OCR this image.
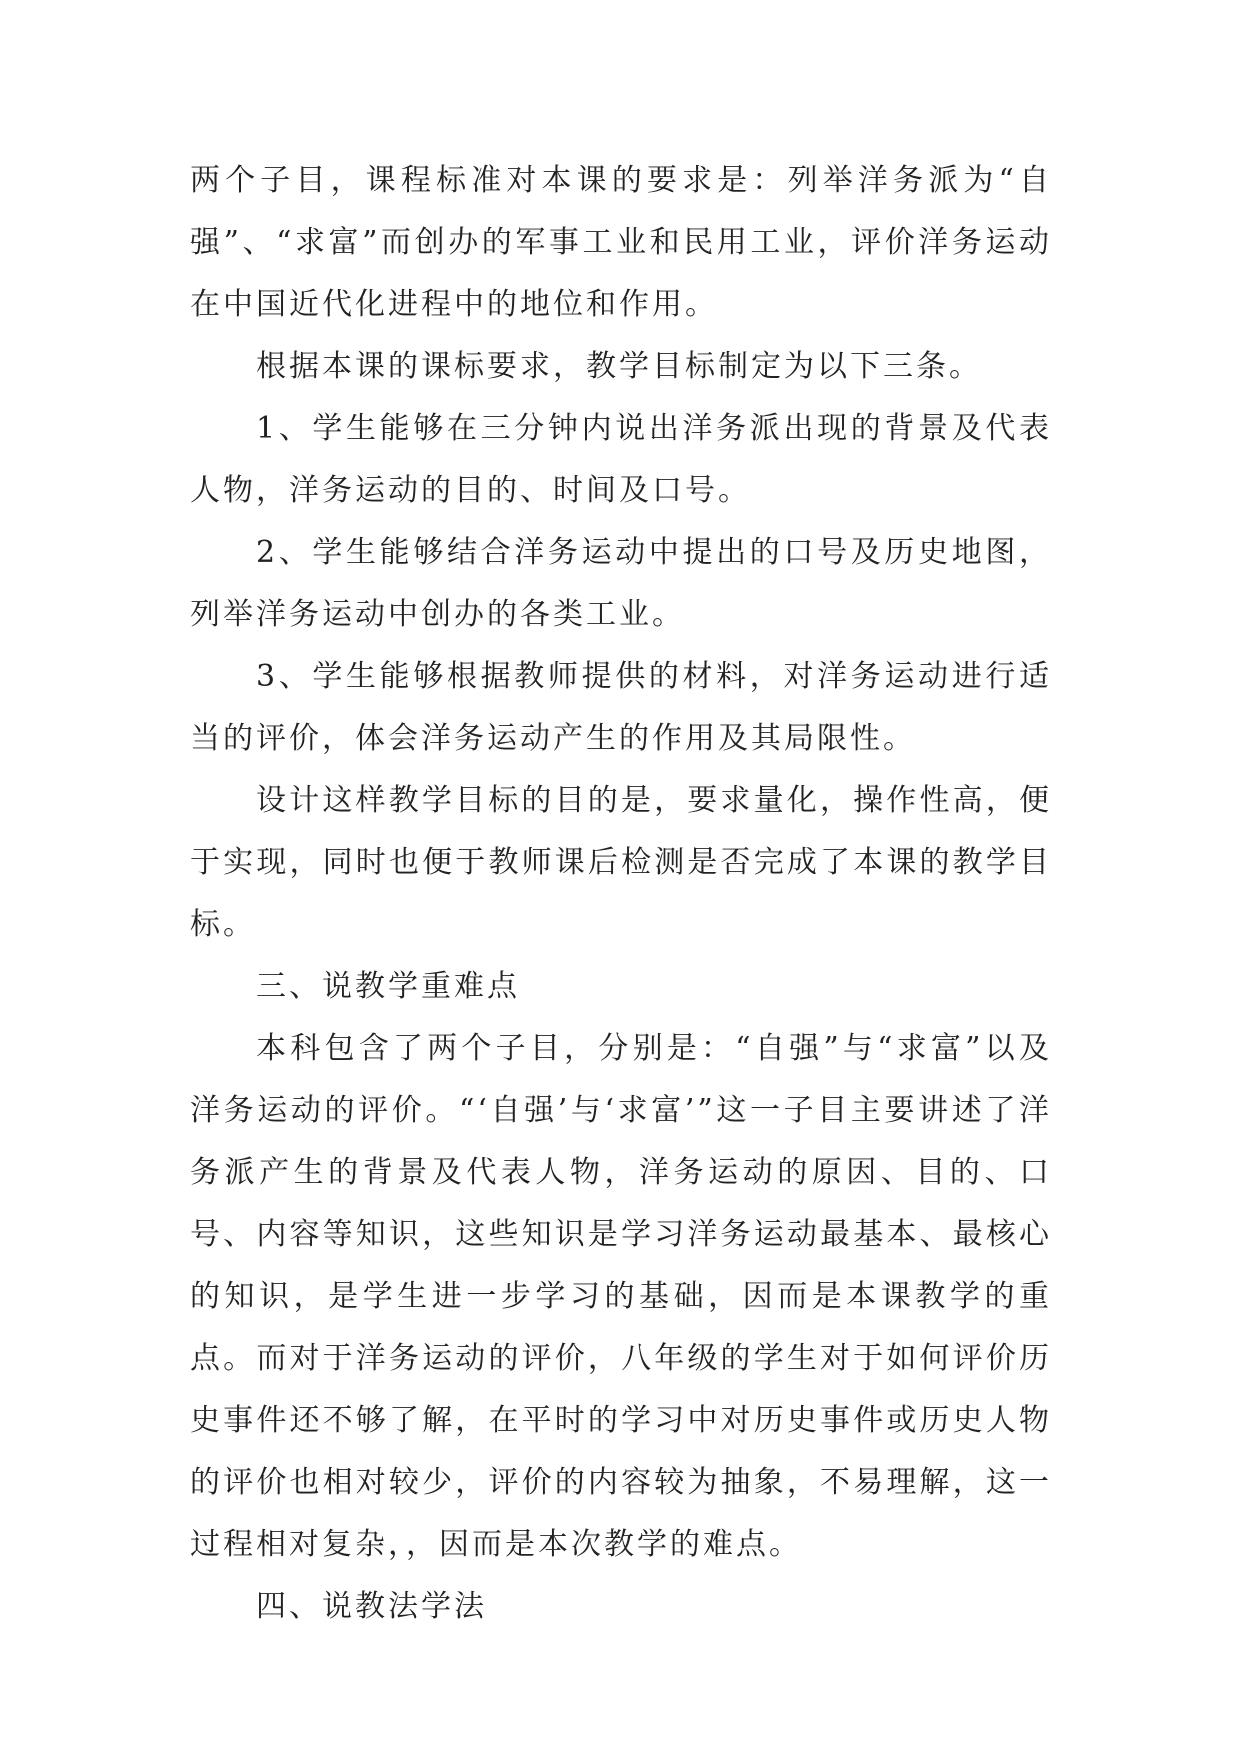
两个子目，课程标准对本课的要求是：列举洋务派为“自强”、“求富”而创办的军事工业和民用工业，评价洋务运动在中国近代化进程中的地位和作用。

根据本课的课标要求，教学目标制定为以下三条。

1、学生能够在三分钟内说出洋务派出现的背景及代表人物，洋务运动的目的、时间及口号。

2、学生能够结合洋务运动中提出的口号及历史地图，列举洋务运动中创办的各类工业。

3、学生能够根据教师提供的材料，对洋务运动进行适当的评价，体会洋务运动产生的作用及其局限性。

设计这样教学目标的目的是，要求量化，操作性高，便于实现，同时也便于教师课后检测是否完成了本课的教学目标。

三、说教学重难点

本科包含了两个子目，分别是：“自强”与“求富”以及洋务运动的评价。“‘自强’与‘求富’”这一子目主要讲述了洋务派产生的背景及代表人物，洋务运动的原因、目的、口号、内容等知识，这些知识是学习洋务运动最基本、最核心的知识，是学生进一步学习的基础，因而是本课教学的重点。而对于洋务运动的评价，八年级的学生对于如何评价历史事件还不够了解，在平时的学习中对历史事件或历史人物的评价也相对较少，评价的内容较为抽象，不易理解，这一过程相对复杂，，因而是本次教学的难点。

四、说教法学法
